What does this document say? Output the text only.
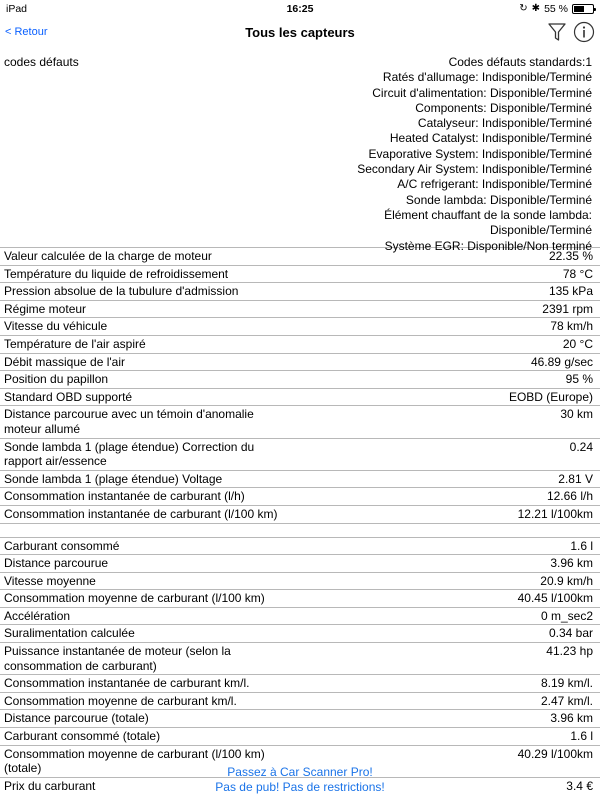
iPad	16:25	↻ ✱ 55 %
< Retour	Tous les capteurs
codes défauts	Codes défauts standards:1
Ratés d'allumage: Indisponible/Terminé
Circuit d'alimentation: Disponible/Terminé
Components: Disponible/Terminé
Catalyseur: Indisponible/Terminé
Heated Catalyst: Indisponible/Terminé
Evaporative System: Indisponible/Terminé
Secondary Air System: Indisponible/Terminé
A/C refrigerant: Indisponible/Terminé
Sonde lambda: Disponible/Terminé
Élément chauffant de la sonde lambda:
Disponible/Terminé
Système EGR: Disponible/Non terminé
Valeur calculée de la charge de moteur	22.35 %
Température du liquide de refroidissement	78 °C
Pression absolue de la tubulure d'admission	135 kPa
Régime moteur	2391 rpm
Vitesse du véhicule	78 km/h
Température de l'air aspiré	20 °C
Débit massique de l'air	46.89 g/sec
Position du papillon	95 %
Standard OBD supporté	EOBD (Europe)
Distance parcourue avec un témoin d'anomalie moteur allumé
30 km
Sonde lambda 1 (plage étendue) Correction du rapport air/essence
0.24
Sonde lambda 1 (plage étendue) Voltage	2.81 V
Consommation instantanée de carburant (l/h)	12.66 l/h
Consommation instantanée de carburant (l/100 km)	12.21 l/100km
Carburant consommé	1.6 l
Distance parcourue	3.96 km
Vitesse moyenne	20.9 km/h
Consommation moyenne de carburant (l/100 km)	40.45 l/100km
Accélération	0 m_sec2
Suralimentation calculée	0.34 bar
Puissance instantanée de moteur (selon la consommation de carburant)
41.23 hp
Consommation instantanée de carburant km/l.	8.19 km/l.
Consommation moyenne de carburant km/l.	2.47 km/l.
Distance parcourue (totale)	3.96 km
Carburant consommé (totale)	1.6 l
Consommation moyenne de carburant (l/100 km) (totale)
40.29 l/100km
Prix du carburant	3.4 €
Passez à Car Scanner Pro!
Pas de pub! Pas de restrictions!
